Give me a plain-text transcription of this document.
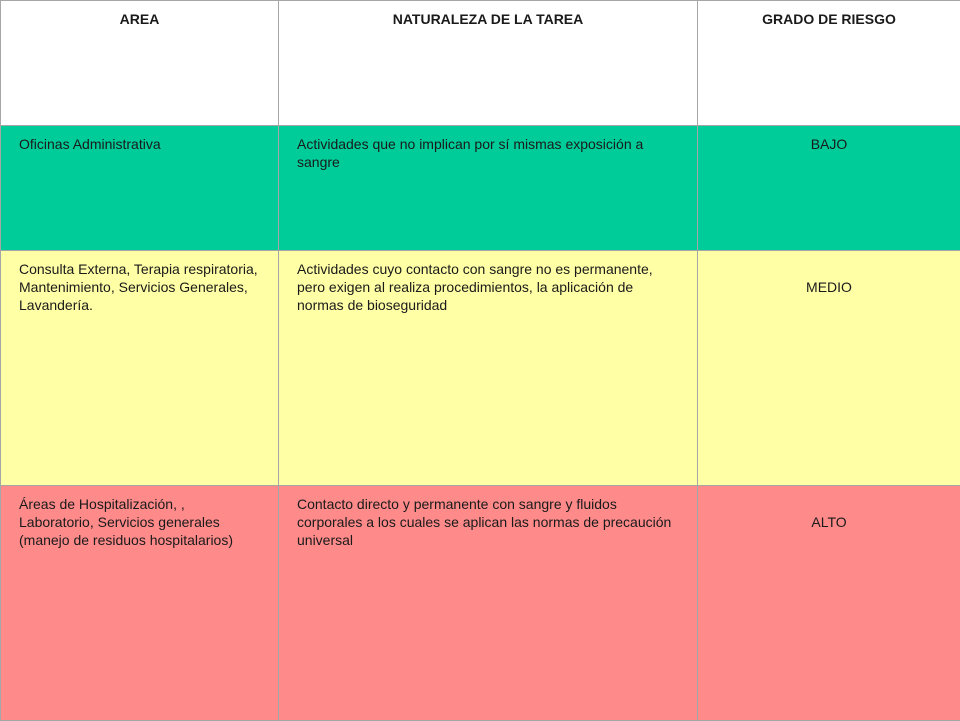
AREA	NATURALEZA DE LA TAREA	GRADO DE RIESGO

Oficinas Administrativa	Actividades que no implican por sí mismas exposición a sangre	BAJO

Consulta Externa, Terapia respiratoria, Mantenimiento, Servicios Generales, Lavandería.	Actividades cuyo contacto con sangre no es permanente, pero exigen al realiza procedimientos, la aplicación de normas de bioseguridad	MEDIO

Áreas de Hospitalización, , Laboratorio, Servicios generales (manejo de residuos hospitalarios)	Contacto directo y permanente con sangre y fluidos corporales a los cuales se aplican las normas de precaución universal	ALTO
